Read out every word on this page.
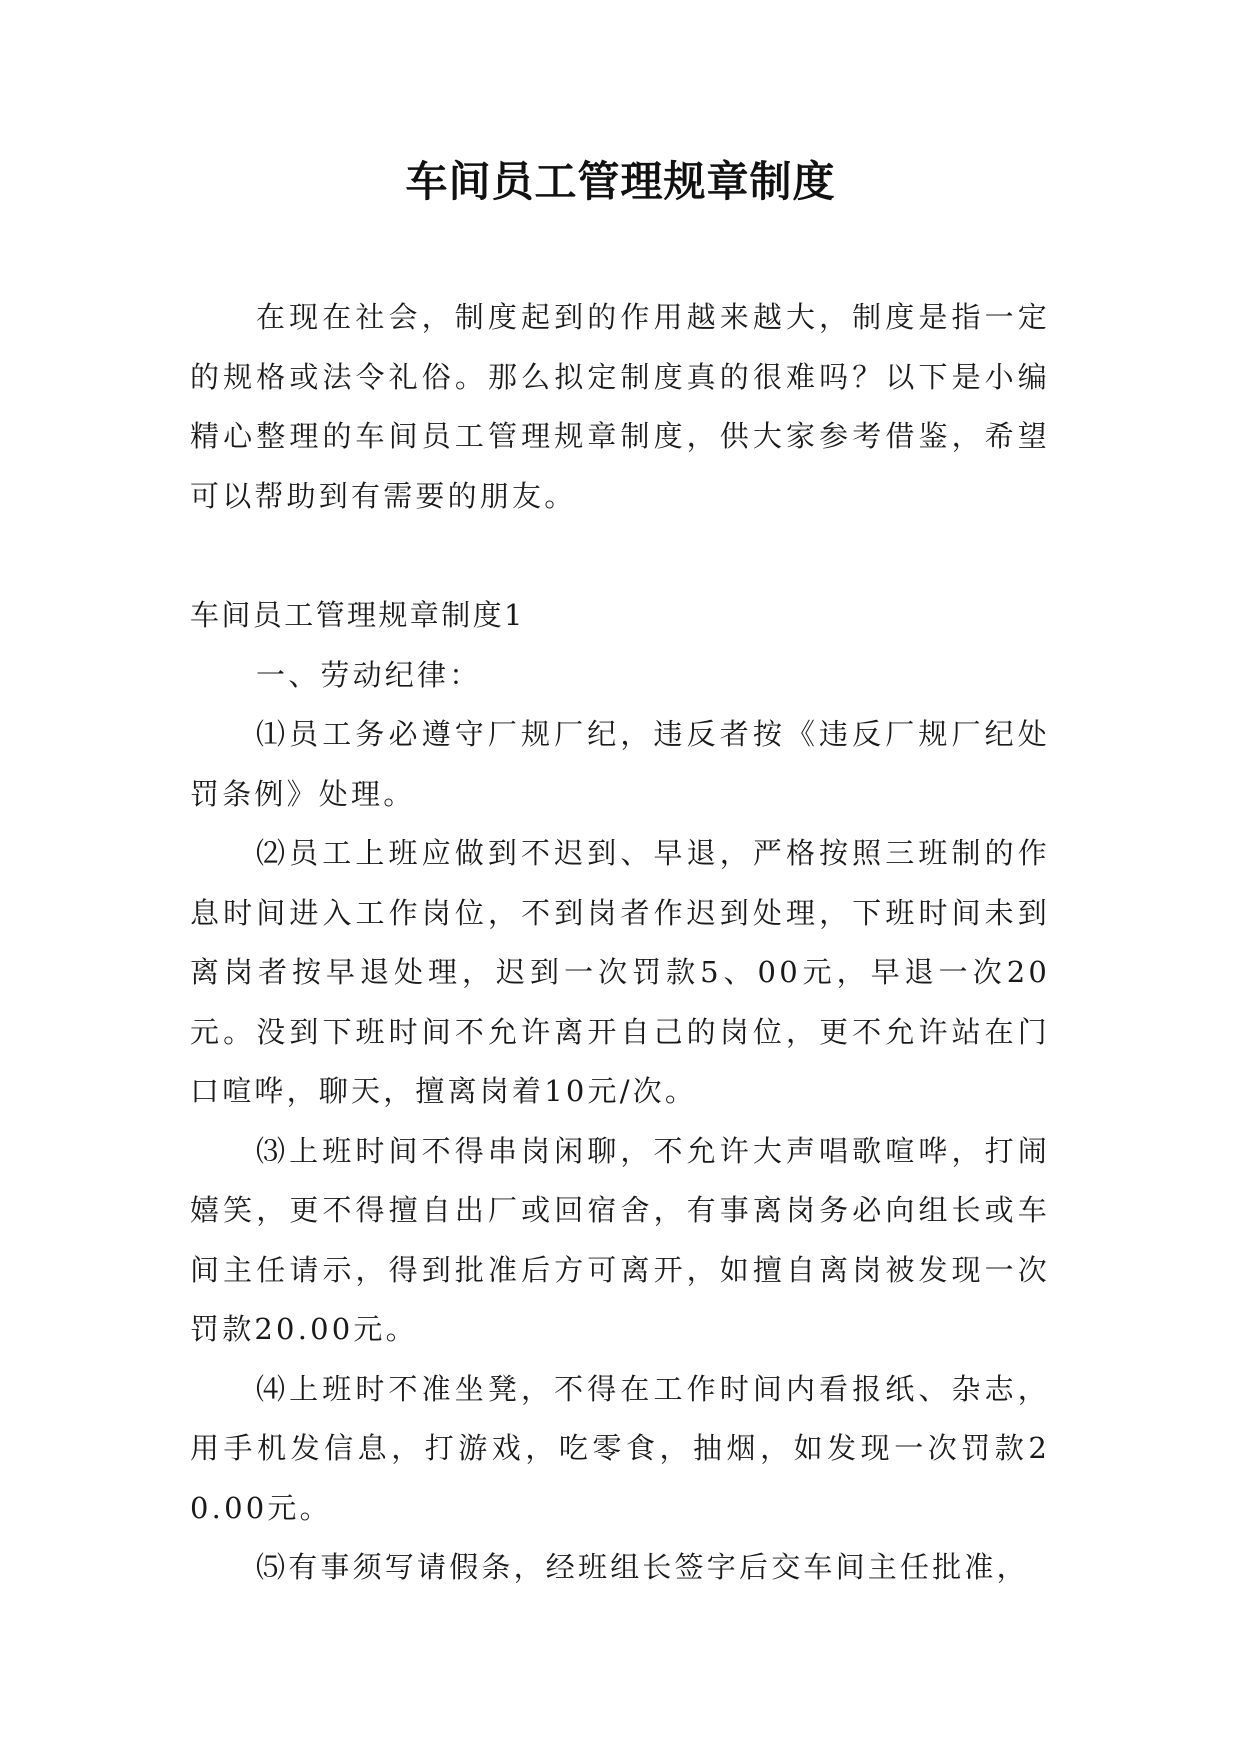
车间员工管理规章制度

在现在社会，制度起到的作用越来越大，制度是指一定的规格或法令礼俗。那么拟定制度真的很难吗？以下是小编精心整理的车间员工管理规章制度，供大家参考借鉴，希望可以帮助到有需要的朋友。

车间员工管理规章制度1

一、劳动纪律：

⑴员工务必遵守厂规厂纪，违反者按《违反厂规厂纪处罚条例》处理。

⑵员工上班应做到不迟到、早退，严格按照三班制的作息时间进入工作岗位，不到岗者作迟到处理，下班时间未到离岗者按早退处理，迟到一次罚款5、00元，早退一次20元。没到下班时间不允许离开自己的岗位，更不允许站在门口喧哗，聊天，擅离岗着10元/次。

⑶上班时间不得串岗闲聊，不允许大声唱歌喧哗，打闹嬉笑，更不得擅自出厂或回宿舍，有事离岗务必向组长或车间主任请示，得到批准后方可离开，如擅自离岗被发现一次罚款20.00元。

⑷上班时不准坐凳，不得在工作时间内看报纸、杂志，用手机发信息，打游戏，吃零食，抽烟，如发现一次罚款20.00元。

⑸有事须写请假条，经班组长签字后交车间主任批准，
